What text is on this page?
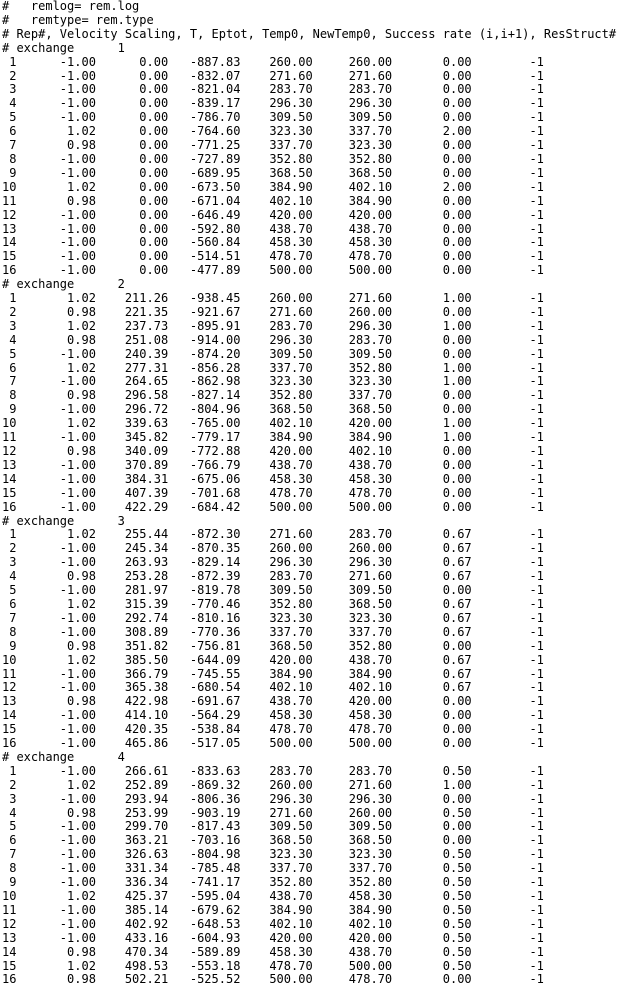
#   remlog= rem.log
#   remtype= rem.type
# Rep#, Velocity Scaling, T, Eptot, Temp0, NewTemp0, Success rate (i,i+1), ResStruct#
# exchange      1
1      -1.00      0.00   -887.83    260.00     260.00       0.00        -1
2      -1.00      0.00   -832.07    271.60     271.60       0.00        -1
3      -1.00      0.00   -821.04    283.70     283.70       0.00        -1
4      -1.00      0.00   -839.17    296.30     296.30       0.00        -1
5      -1.00      0.00   -786.70    309.50     309.50       0.00        -1
6       1.02      0.00   -764.60    323.30     337.70       2.00        -1
7       0.98      0.00   -771.25    337.70     323.30       0.00        -1
8      -1.00      0.00   -727.89    352.80     352.80       0.00        -1
9      -1.00      0.00   -689.95    368.50     368.50       0.00        -1
10       1.02      0.00   -673.50    384.90     402.10       2.00        -1
11       0.98      0.00   -671.04    402.10     384.90       0.00        -1
12      -1.00      0.00   -646.49    420.00     420.00       0.00        -1
13      -1.00      0.00   -592.80    438.70     438.70       0.00        -1
14      -1.00      0.00   -560.84    458.30     458.30       0.00        -1
15      -1.00      0.00   -514.51    478.70     478.70       0.00        -1
16      -1.00      0.00   -477.89    500.00     500.00       0.00        -1
# exchange      2
1       1.02    211.26   -938.45    260.00     271.60       1.00        -1
2       0.98    221.35   -921.67    271.60     260.00       0.00        -1
3       1.02    237.73   -895.91    283.70     296.30       1.00        -1
4       0.98    251.08   -914.00    296.30     283.70       0.00        -1
5      -1.00    240.39   -874.20    309.50     309.50       0.00        -1
6       1.02    277.31   -856.28    337.70     352.80       1.00        -1
7      -1.00    264.65   -862.98    323.30     323.30       1.00        -1
8       0.98    296.58   -827.14    352.80     337.70       0.00        -1
9      -1.00    296.72   -804.96    368.50     368.50       0.00        -1
10       1.02    339.63   -765.00    402.10     420.00       1.00        -1
11      -1.00    345.82   -779.17    384.90     384.90       1.00        -1
12       0.98    340.09   -772.88    420.00     402.10       0.00        -1
13      -1.00    370.89   -766.79    438.70     438.70       0.00        -1
14      -1.00    384.31   -675.06    458.30     458.30       0.00        -1
15      -1.00    407.39   -701.68    478.70     478.70       0.00        -1
16      -1.00    422.29   -684.42    500.00     500.00       0.00        -1
# exchange      3
1       1.02    255.44   -872.30    271.60     283.70       0.67        -1
2      -1.00    245.34   -870.35    260.00     260.00       0.67        -1
3      -1.00    263.93   -829.14    296.30     296.30       0.67        -1
4       0.98    253.28   -872.39    283.70     271.60       0.67        -1
5      -1.00    281.97   -819.78    309.50     309.50       0.00        -1
6       1.02    315.39   -770.46    352.80     368.50       0.67        -1
7      -1.00    292.74   -810.16    323.30     323.30       0.67        -1
8      -1.00    308.89   -770.36    337.70     337.70       0.67        -1
9       0.98    351.82   -756.81    368.50     352.80       0.00        -1
10       1.02    385.50   -644.09    420.00     438.70       0.67        -1
11      -1.00    366.79   -745.55    384.90     384.90       0.67        -1
12      -1.00    365.38   -680.54    402.10     402.10       0.67        -1
13       0.98    422.98   -691.67    438.70     420.00       0.00        -1
14      -1.00    414.10   -564.29    458.30     458.30       0.00        -1
15      -1.00    420.35   -538.84    478.70     478.70       0.00        -1
16      -1.00    465.86   -517.05    500.00     500.00       0.00        -1
# exchange      4
1      -1.00    266.61   -833.63    283.70     283.70       0.50        -1
2       1.02    252.89   -869.32    260.00     271.60       1.00        -1
3      -1.00    293.94   -806.36    296.30     296.30       0.00        -1
4       0.98    253.99   -903.19    271.60     260.00       0.50        -1
5      -1.00    299.70   -817.43    309.50     309.50       0.00        -1
6      -1.00    363.21   -703.16    368.50     368.50       0.00        -1
7      -1.00    326.63   -804.98    323.30     323.30       0.50        -1
8      -1.00    331.34   -785.48    337.70     337.70       0.50        -1
9      -1.00    336.34   -741.17    352.80     352.80       0.50        -1
10       1.02    425.37   -595.04    438.70     458.30       0.50        -1
11      -1.00    385.14   -679.62    384.90     384.90       0.50        -1
12      -1.00    402.92   -648.53    402.10     402.10       0.50        -1
13      -1.00    433.16   -604.93    420.00     420.00       0.50        -1
14       0.98    470.34   -589.89    458.30     438.70       0.50        -1
15       1.02    498.53   -553.18    478.70     500.00       0.50        -1
16       0.98    502.21   -525.52    500.00     478.70       0.00        -1
